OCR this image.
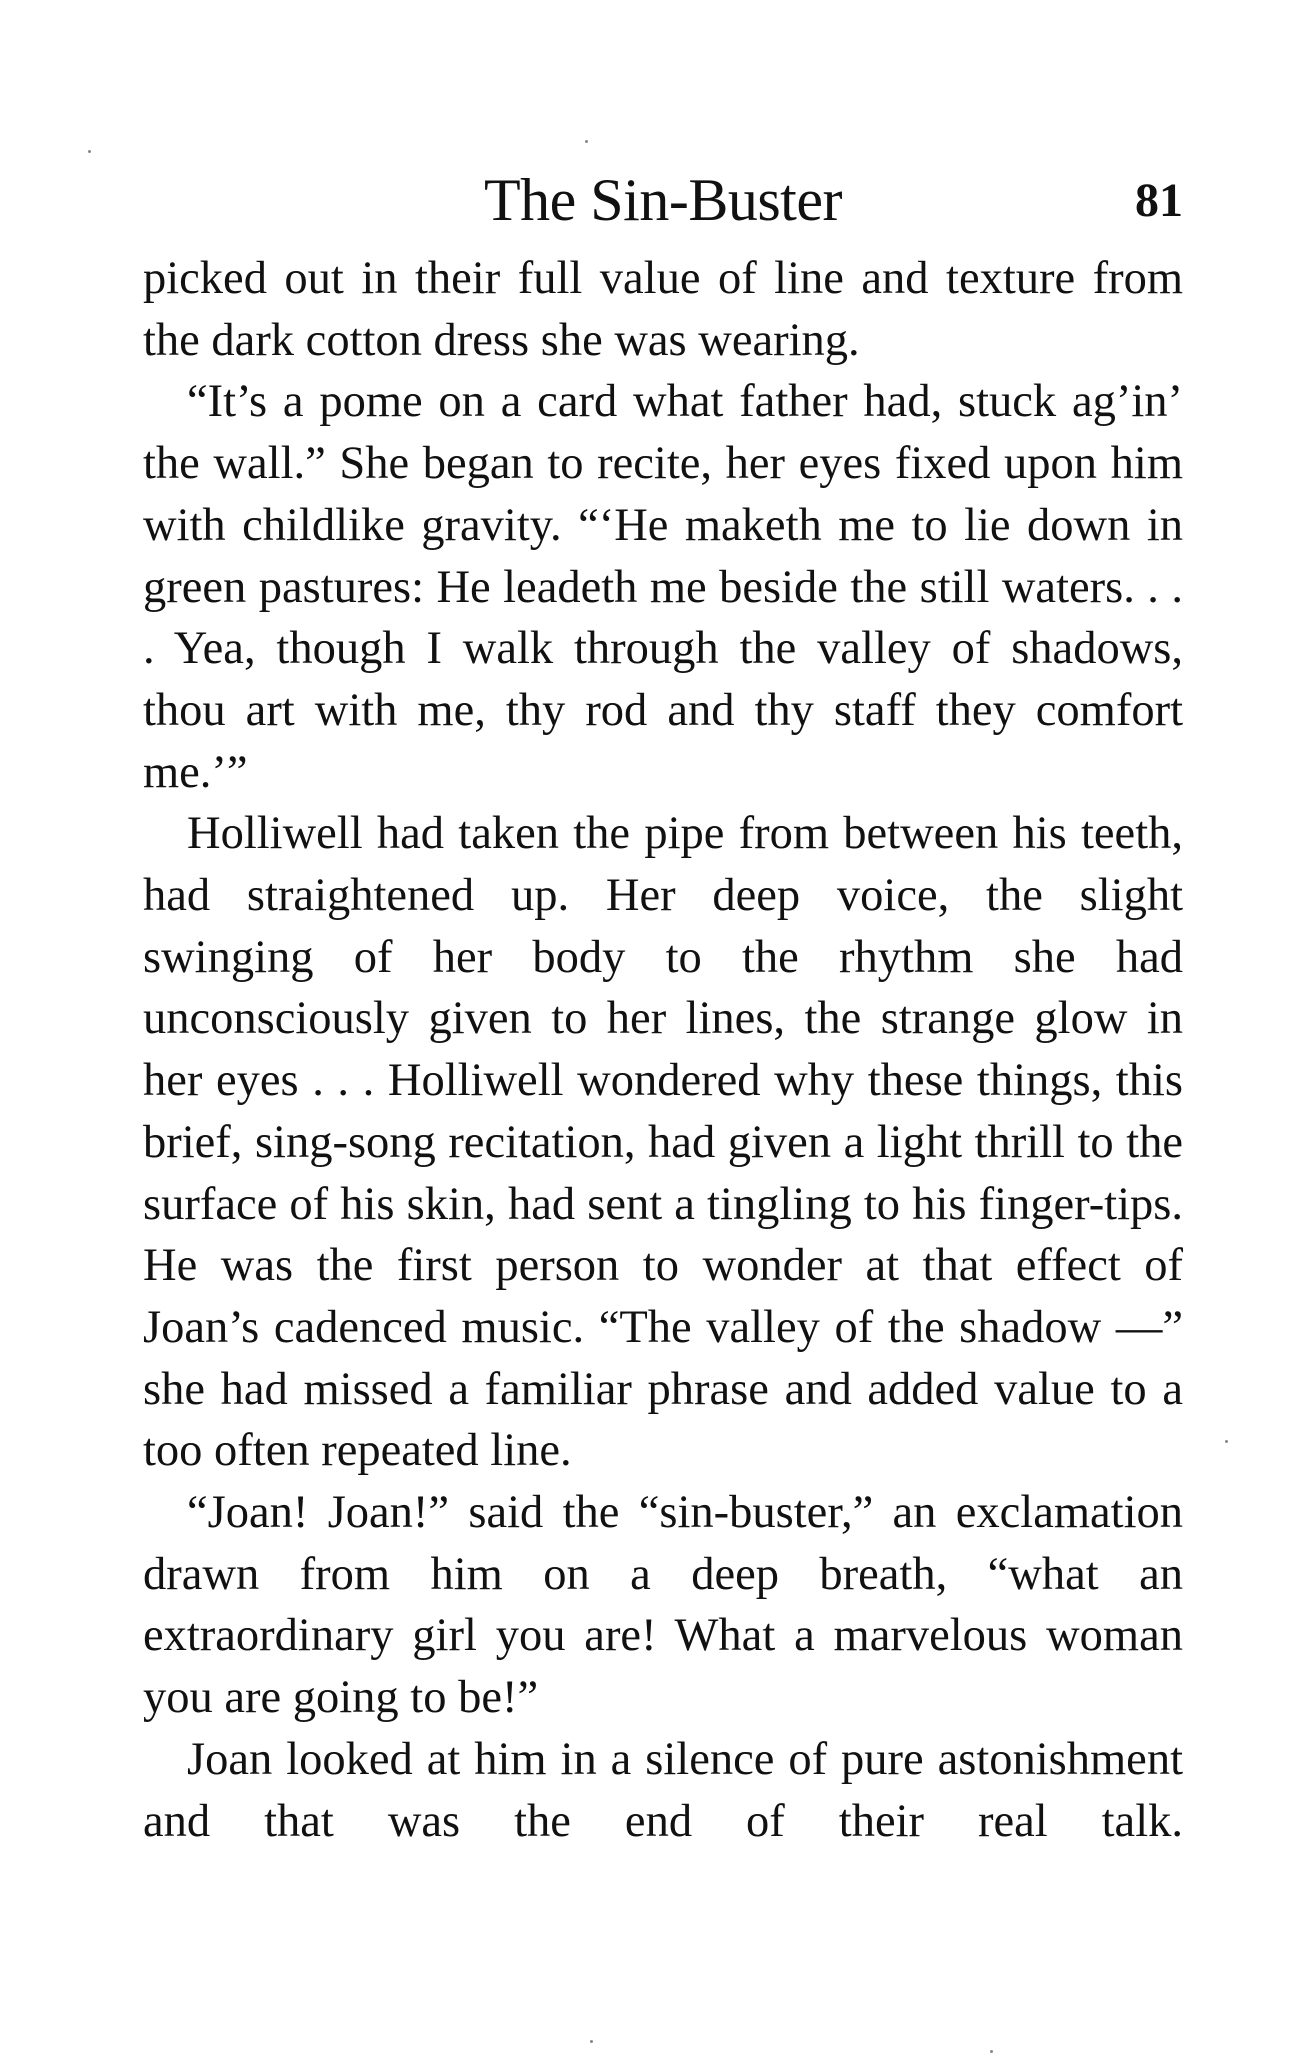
The Sin-Buster	81

picked out in their full value of line and texture from the dark cotton dress she was wearing.

“It’s a pome on a card what father had, stuck ag’in’ the wall.” She began to recite, her eyes fixed upon him with childlike gravity. “‘He maketh me to lie down in green pastures: He leadeth me beside the still waters. . . . Yea, though I walk through the valley of shadows, thou art with me, thy rod and thy staff they comfort me.’”

Holliwell had taken the pipe from between his teeth, had straightened up. Her deep voice, the slight swinging of her body to the rhythm she had unconsciously given to her lines, the strange glow in her eyes . . . Holliwell wondered why these things, this brief, sing-song recitation, had given a light thrill to the surface of his skin, had sent a tingling to his finger-tips. He was the first person to wonder at that effect of Joan’s cadenced music. “The valley of the shadow —” she had missed a familiar phrase and added value to a too often repeated line.

“Joan! Joan!” said the “sin-buster,” an exclamation drawn from him on a deep breath, “what an extraordinary girl you are! What a marvelous woman you are going to be!”

Joan looked at him in a silence of pure astonishment and that was the end of their real talk.
